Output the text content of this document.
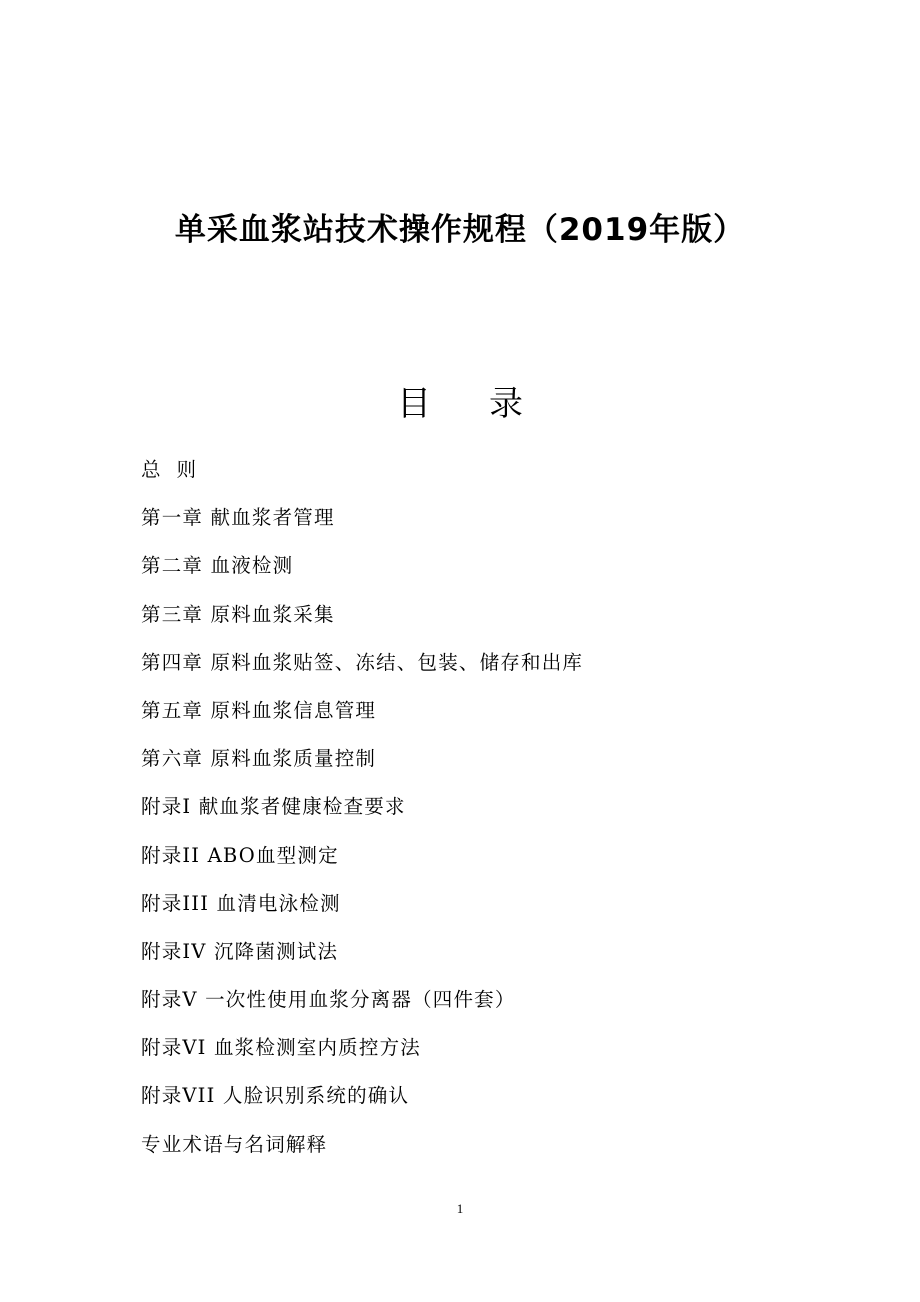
单采血浆站技术操作规程（2019年版）
目录
总  则
第一章 献血浆者管理
第二章 血液检测
第三章 原料血浆采集
第四章 原料血浆贴签、冻结、包装、储存和出库
第五章 原料血浆信息管理
第六章 原料血浆质量控制
附录I 献血浆者健康检查要求
附录II ABO血型测定
附录III 血清电泳检测
附录IV 沉降菌测试法
附录V 一次性使用血浆分离器（四件套）
附录VI 血浆检测室内质控方法
附录VII 人脸识别系统的确认
专业术语与名词解释
1
